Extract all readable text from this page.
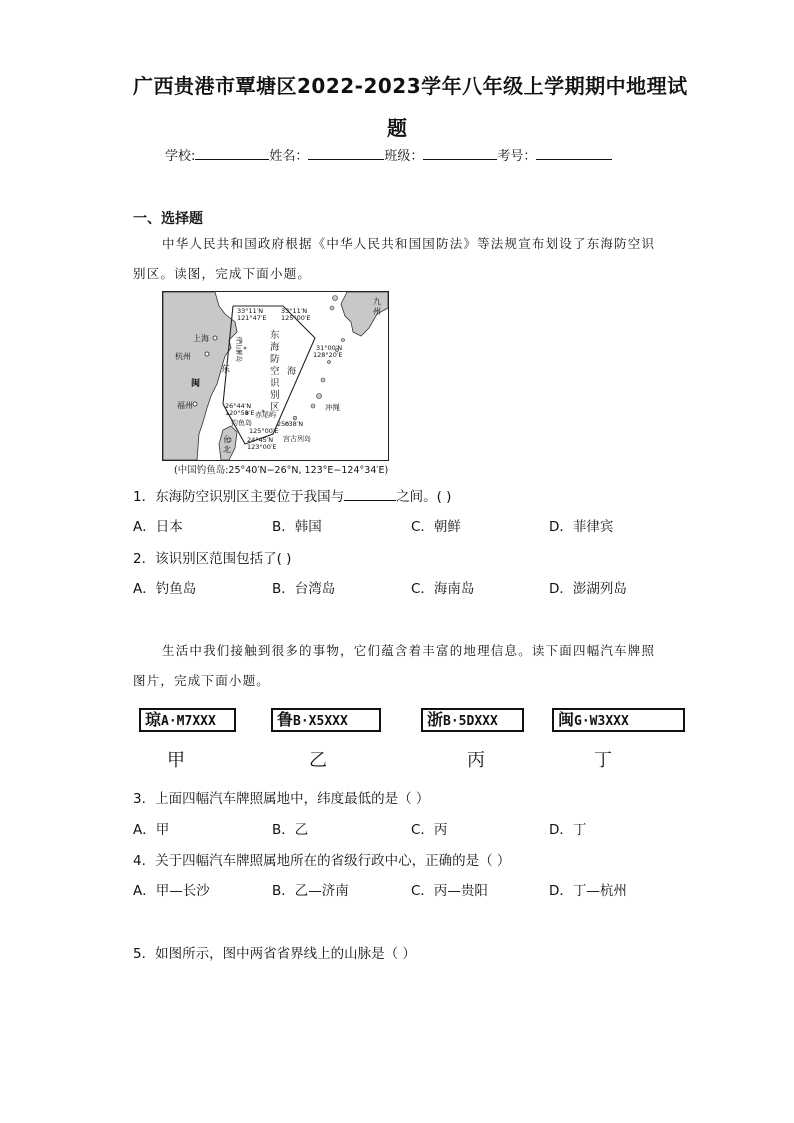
广西贵港市覃塘区2022-2023学年八年级上学期期中地理试
题
学校:	姓名：	班级：	考号：
一、选择题
中华人民共和国政府根据《中华人民共和国国防法》等法规宣布划设了东海防空识
别区。读图，完成下面小题。
上海
杭州
闽
福州
东	海
33°11′N
121°47′E
33°11′N
125°00′E
31°00′N
128°20′E
26°44′N
120°58′E
25°38′N
125°00′E
24°45′N
123°00′E
钓鱼岛
赤尾屿
宫古列岛
冲绳
台
北
舟山群岛
东
海
防
空
识
别
区
九
州
(中国钓鱼岛:25°40′N−26°N, 123°E−124°34′E)
1．东海防空识别区主要位于我国与	之间。( )
A．日本	B．韩国	C．朝鲜	D．菲律宾
2．该识别区范围包括了( )
A．钓鱼岛	B．台湾岛	C．海南岛	D．澎湖列岛
生活中我们接触到很多的事物，它们蕴含着丰富的地理信息。读下面四幅汽车牌照
图片，完成下面小题。
琼A·M7XXX	鲁B·X5XXX	浙B·5DXXX	闽G·W3XXX
甲	乙	丙	丁
3．上面四幅汽车牌照属地中，纬度最低的是（ ）
A．甲	B．乙	C．丙	D．丁
4．关于四幅汽车牌照属地所在的省级行政中心，正确的是（ ）
A．甲—长沙	B．乙—济南	C．丙—贵阳	D．丁—杭州
5．如图所示，图中两省省界线上的山脉是（ ）
